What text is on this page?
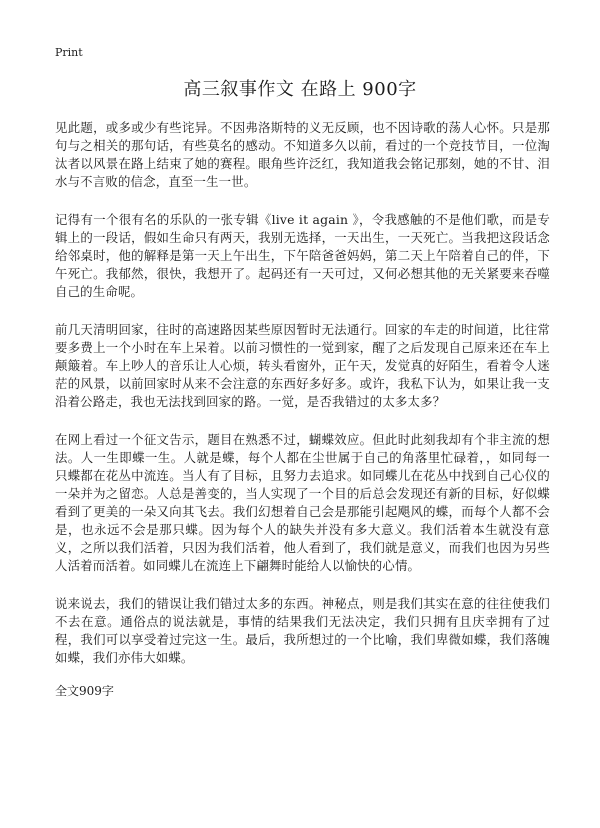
Print
高三叙事作文 在路上 900字

见此题，或多或少有些诧异。不因弗洛斯特的义无反顾，也不因诗歌的荡人心怀。只是那句与之相关的那句话，有些莫名的感动。不知道多久以前，看过的一个竞技节目，一位淘汰者以风景在路上结束了她的赛程。眼角些许泛红，我知道我会铭记那刻，她的不甘、泪水与不言败的信念，直至一生一世。

记得有一个很有名的乐队的一张专辑《live it again 》，令我感触的不是他们歌，而是专辑上的一段话，假如生命只有两天，我别无选择，一天出生，一天死亡。当我把这段话念给邻桌时，他的解释是第一天上午出生，下午陪爸爸妈妈，第二天上午陪着自己的伴，下午死亡。我郁然，很快，我想开了。起码还有一天可过，又何必想其他的无关紧要来吞噬自己的生命呢。

前几天清明回家，往时的高速路因某些原因暂时无法通行。回家的车走的时间道，比往常要多费上一个小时在车上呆着。以前习惯性的一觉到家，醒了之后发现自己原来还在车上颠簸着。车上吵人的音乐让人心烦，转头看窗外，正午天，发觉真的好陌生，看着令人迷茫的风景，以前回家时从来不会注意的东西好多好多。或许，我私下认为，如果让我一支沿着公路走，我也无法找到回家的路。一觉，是否我错过的太多太多？

在网上看过一个征文告示，题目在熟悉不过，蝴蝶效应。但此时此刻我却有个非主流的想法。人一生即蝶一生。人就是蝶，每个人都在尘世属于自己的角落里忙碌着，，如同每一只蝶都在花丛中流连。当人有了目标，且努力去追求。如同蝶儿在花丛中找到自己心仪的一朵并为之留恋。人总是善变的，当人实现了一个目的后总会发现还有新的目标，好似蝶看到了更美的一朵又向其飞去。我们幻想着自己会是那能引起飓风的蝶，而每个人都不会是，也永远不会是那只蝶。因为每个人的缺失并没有多大意义。我们活着本生就没有意义，之所以我们活着，只因为我们活着，他人看到了，我们就是意义，而我们也因为另些人活着而活着。如同蝶儿在流连上下翩舞时能给人以愉快的心情。

说来说去，我们的错误让我们错过太多的东西。神秘点，则是我们其实在意的往往使我们不去在意。通俗点的说法就是，事情的结果我们无法决定，我们只拥有且庆幸拥有了过程，我们可以享受着过完这一生。最后，我所想过的一个比喻，我们卑微如蝶，我们落魄如蝶，我们亦伟大如蝶。

全文909字
